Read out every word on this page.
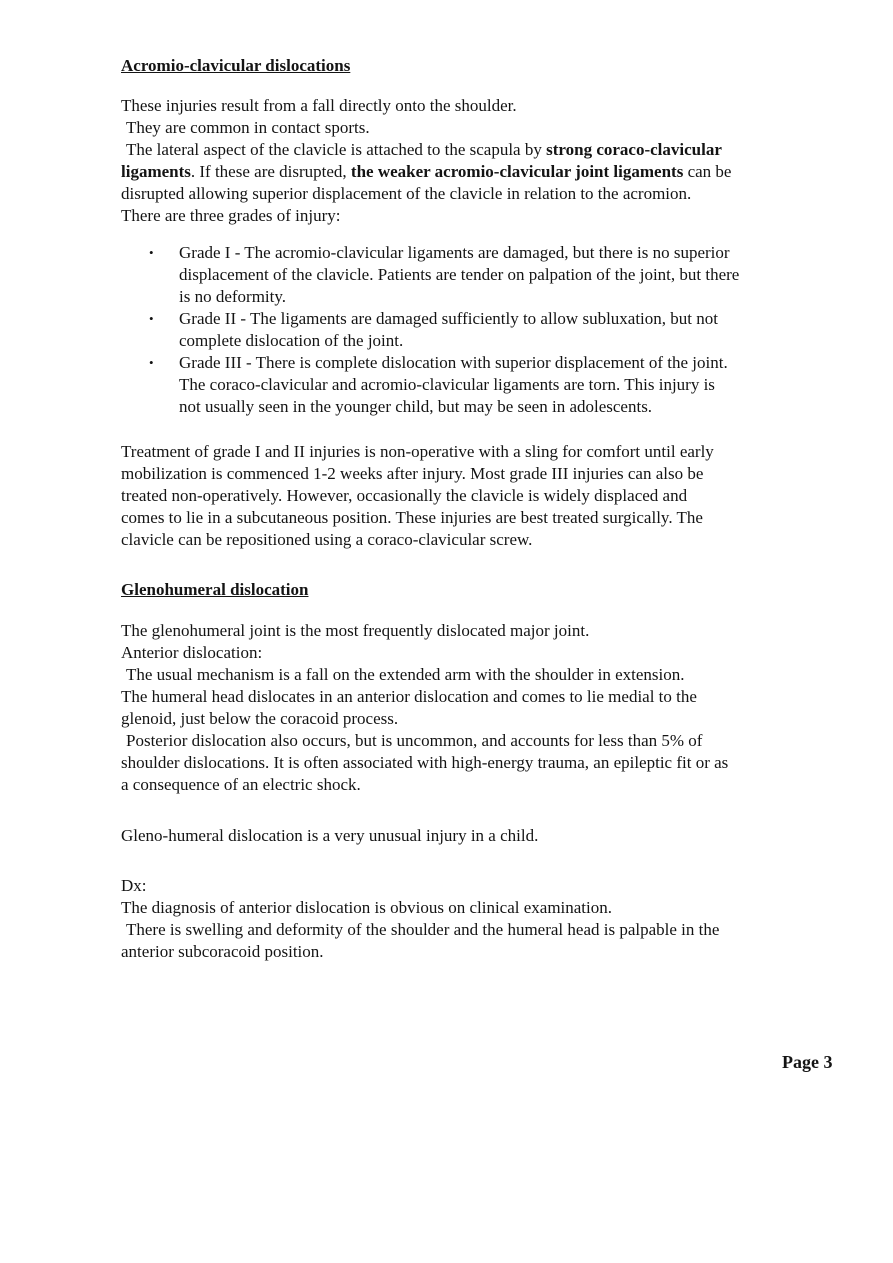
Acromio-clavicular dislocations
These injuries result from a fall directly onto the shoulder.
They are common in contact sports.
The lateral aspect of the clavicle is attached to the scapula by strong coraco-clavicular
ligaments. If these are disrupted, the weaker acromio-clavicular joint ligaments can be
disrupted allowing superior displacement of the clavicle in relation to the acromion.
There are three grades of injury:
• Grade I - The acromio-clavicular ligaments are damaged, but there is no superior
displacement of the clavicle. Patients are tender on palpation of the joint, but there
is no deformity.
• Grade II - The ligaments are damaged sufficiently to allow subluxation, but not
complete dislocation of the joint.
• Grade III - There is complete dislocation with superior displacement of the joint.
The coraco-clavicular and acromio-clavicular ligaments are torn. This injury is
not usually seen in the younger child, but may be seen in adolescents.
Treatment of grade I and II injuries is non-operative with a sling for comfort until early
mobilization is commenced 1-2 weeks after injury. Most grade III injuries can also be
treated non-operatively. However, occasionally the clavicle is widely displaced and
comes to lie in a subcutaneous position. These injuries are best treated surgically. The
clavicle can be repositioned using a coraco-clavicular screw.
Glenohumeral dislocation
The glenohumeral joint is the most frequently dislocated major joint.
Anterior dislocation:
The usual mechanism is a fall on the extended arm with the shoulder in extension.
The humeral head dislocates in an anterior dislocation and comes to lie medial to the
glenoid, just below the coracoid process.
Posterior dislocation also occurs, but is uncommon, and accounts for less than 5% of
shoulder dislocations. It is often associated with high-energy trauma, an epileptic fit or as
a consequence of an electric shock.
Gleno-humeral dislocation is a very unusual injury in a child.
Dx:
The diagnosis of anterior dislocation is obvious on clinical examination.
There is swelling and deformity of the shoulder and the humeral head is palpable in the
anterior subcoracoid position.
Page 3
